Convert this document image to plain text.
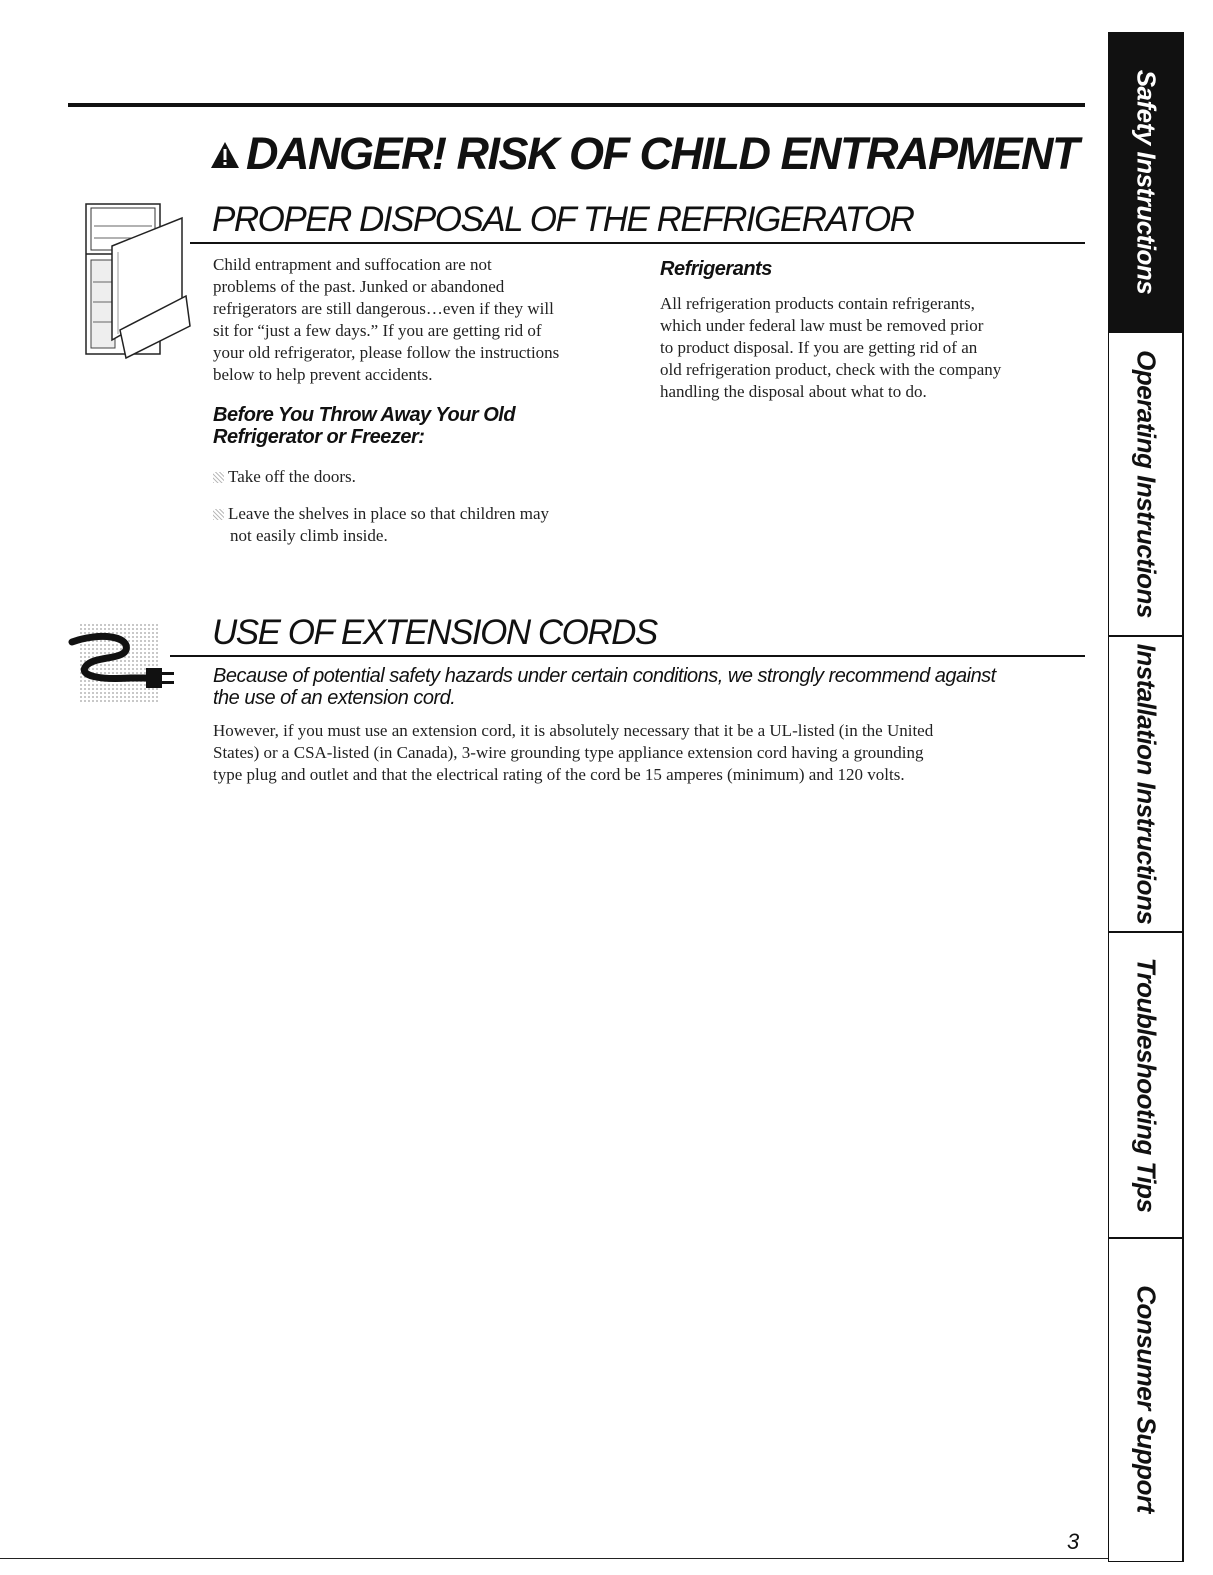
DANGER! RISK OF CHILD ENTRAPMENT
PROPER DISPOSAL OF THE REFRIGERATOR
Child entrapment and suffocation are not
problems of the past. Junked or abandoned
refrigerators are still dangerous…even if they will
sit for “just a few days.” If you are getting rid of
your old refrigerator, please follow the instructions
below to help prevent accidents.
Before You Throw Away Your Old
Refrigerator or Freezer:
Take off the doors.
Leave the shelves in place so that children may
not easily climb inside.
Refrigerants
All refrigeration products contain refrigerants,
which under federal law must be removed prior
to product disposal. If you are getting rid of an
old refrigeration product, check with the company
handling the disposal about what to do.
USE OF EXTENSION CORDS
Because of potential safety hazards under certain conditions, we strongly recommend against
the use of an extension cord.
However, if you must use an extension cord, it is absolutely necessary that it be a UL-listed (in the United
States) or a CSA-listed (in Canada), 3-wire grounding type appliance extension cord having a grounding
type plug and outlet and that the electrical rating of the cord be 15 amperes (minimum) and 120 volts.
Safety Instructions
Operating Instructions
Installation Instructions
Troubleshooting Tips
Consumer Support
3
